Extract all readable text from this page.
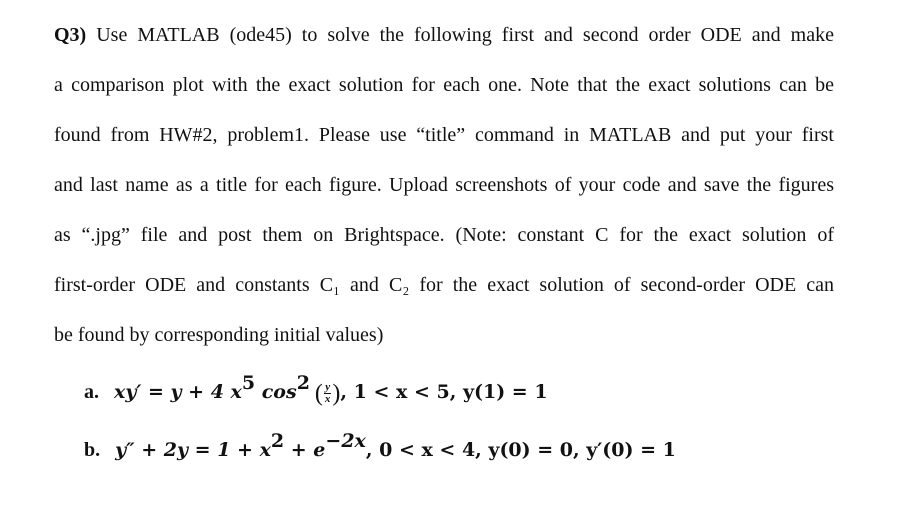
Q3) Use MATLAB (ode45) to solve the following first and second order ODE and make
a comparison plot with the exact solution for each one. Note that the exact solutions can be
found from HW#2, problem1. Please use “title” command in MATLAB and put your first
and last name as a title for each figure. Upload screenshots of your code and save the figures
as “.jpg” file and post them on Brightspace. (Note: constant C for the exact solution of
first-order ODE and constants C₁ and C₂ for the exact solution of second-order ODE can
be found by corresponding initial values)
a. xy′ = y + 4 $x^5$ $\cos^2$ ( $\frac{y}{x}$ ), 1 < x < 5, y(1) = 1
b. $y'' + 2y = 1 + x^2 + e^{-2x}$, 0 < x < 4, y(0) = 0, y′(0) = 1
